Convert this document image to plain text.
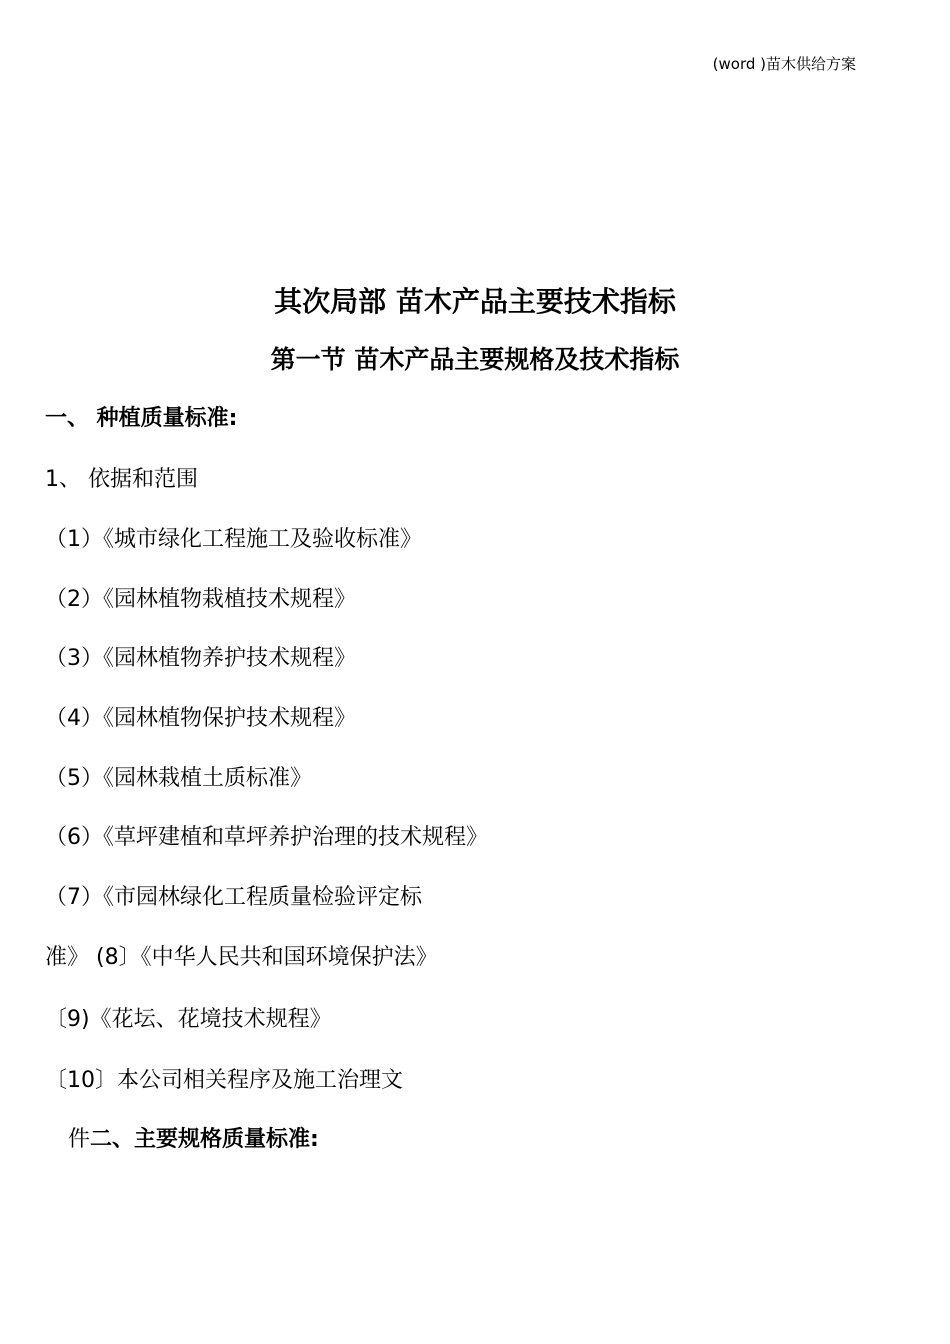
(word )苗木供给方案
其次局部 苗木产品主要技术指标
第一节 苗木产品主要规格及技术指标
一、 种植质量标准:
1、 依据和范围
（1）《城市绿化工程施工及验收标准》
（2）《园林植物栽植技术规程》
（3）《园林植物养护技术规程》
（4）《园林植物保护技术规程》
（5）《园林栽植土质标准》
（6）《草坪建植和草坪养护治理的技术规程》
（7）《市园林绿化工程质量检验评定标
准》 (8〕《中华人民共和国环境保护法》
〔9)《花坛、花境技术规程》
〔10〕本公司相关程序及施工治理文
件二、主要规格质量标准:
